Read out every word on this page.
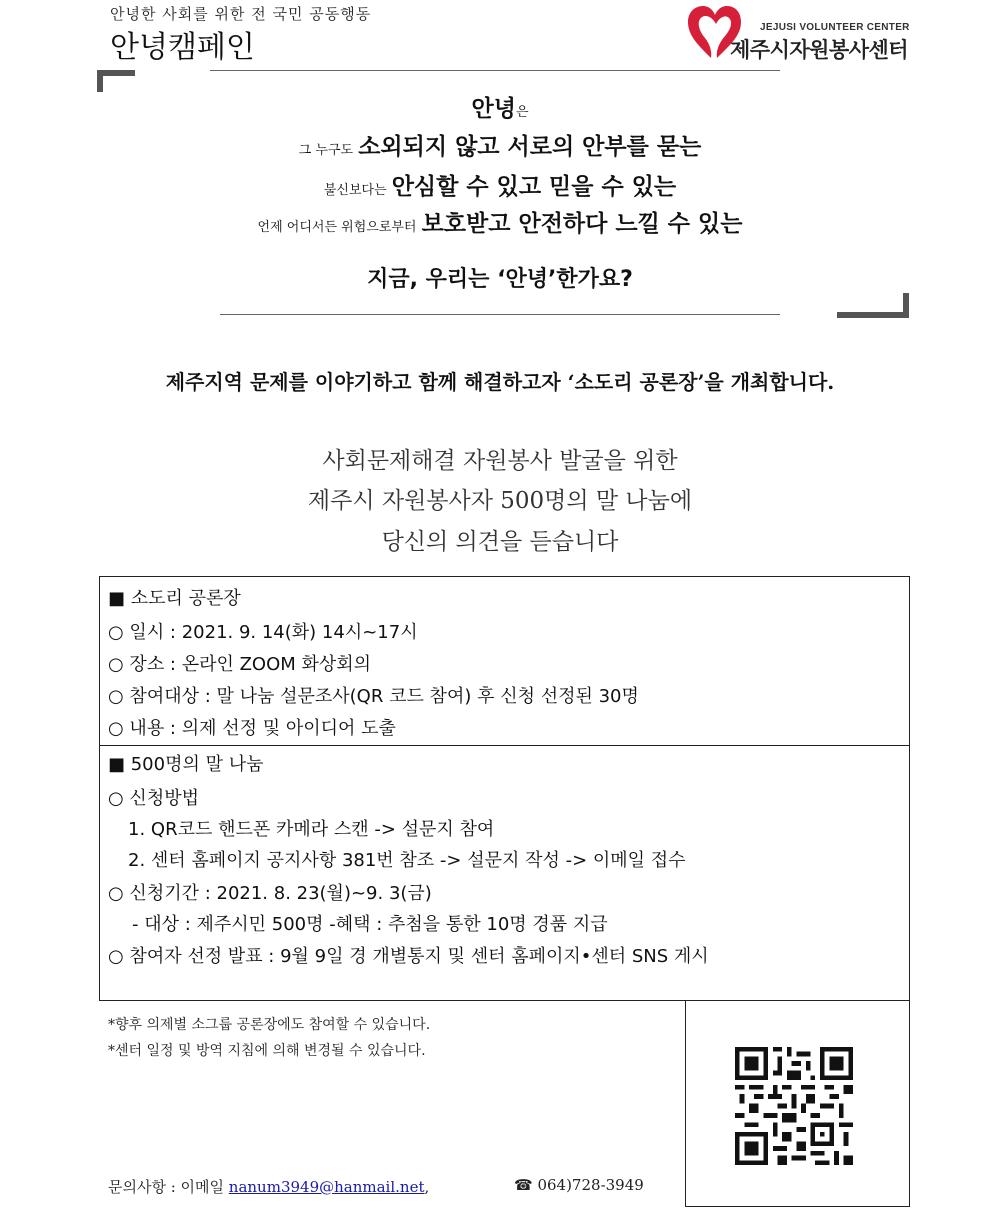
안녕한 사회를 위한 전 국민 공동행동
안녕캠페인
JEJUSI VOLUNTEER CENTER
제주시자원봉사센터
안녕은
그 누구도 소외되지 않고 서로의 안부를 묻는
불신보다는 안심할 수 있고 믿을 수 있는
언제 어디서든 위험으로부터 보호받고 안전하다 느낄 수 있는
지금, 우리는 ‘안녕’한가요?
제주지역 문제를 이야기하고 함께 해결하고자 ‘소도리 공론장’을 개최합니다.
사회문제해결 자원봉사 발굴을 위한
제주시 자원봉사자 500명의 말 나눔에
당신의 의견을 듣습니다
■ 소도리 공론장
○ 일시 : 2021. 9. 14(화) 14시~17시
○ 장소 : 온라인 ZOOM 화상회의
○ 참여대상 : 말 나눔 설문조사(QR 코드 참여) 후 신청 선정된 30명
○ 내용 : 의제 선정 및 아이디어 도출
■ 500명의 말 나눔
○ 신청방법
1. QR코드 핸드폰 카메라 스캔 -> 설문지 참여
2. 센터 홈페이지 공지사항 381번 참조 -> 설문지 작성 -> 이메일 접수
○ 신청기간 : 2021. 8. 23(월)~9. 3(금)
- 대상 : 제주시민 500명 -혜택 : 추첨을 통한 10명 경품 지급
○ 참여자 선정 발표 : 9월 9일 경 개별통지 및 센터 홈페이지•센터 SNS 게시
*향후 의제별 소그룹 공론장에도 참여할 수 있습니다.
*센터 일정 및 방역 지침에 의해 변경될 수 있습니다.
문의사항 : 이메일 nanum3949@hanmail.net,	☎ 064)728-3949
